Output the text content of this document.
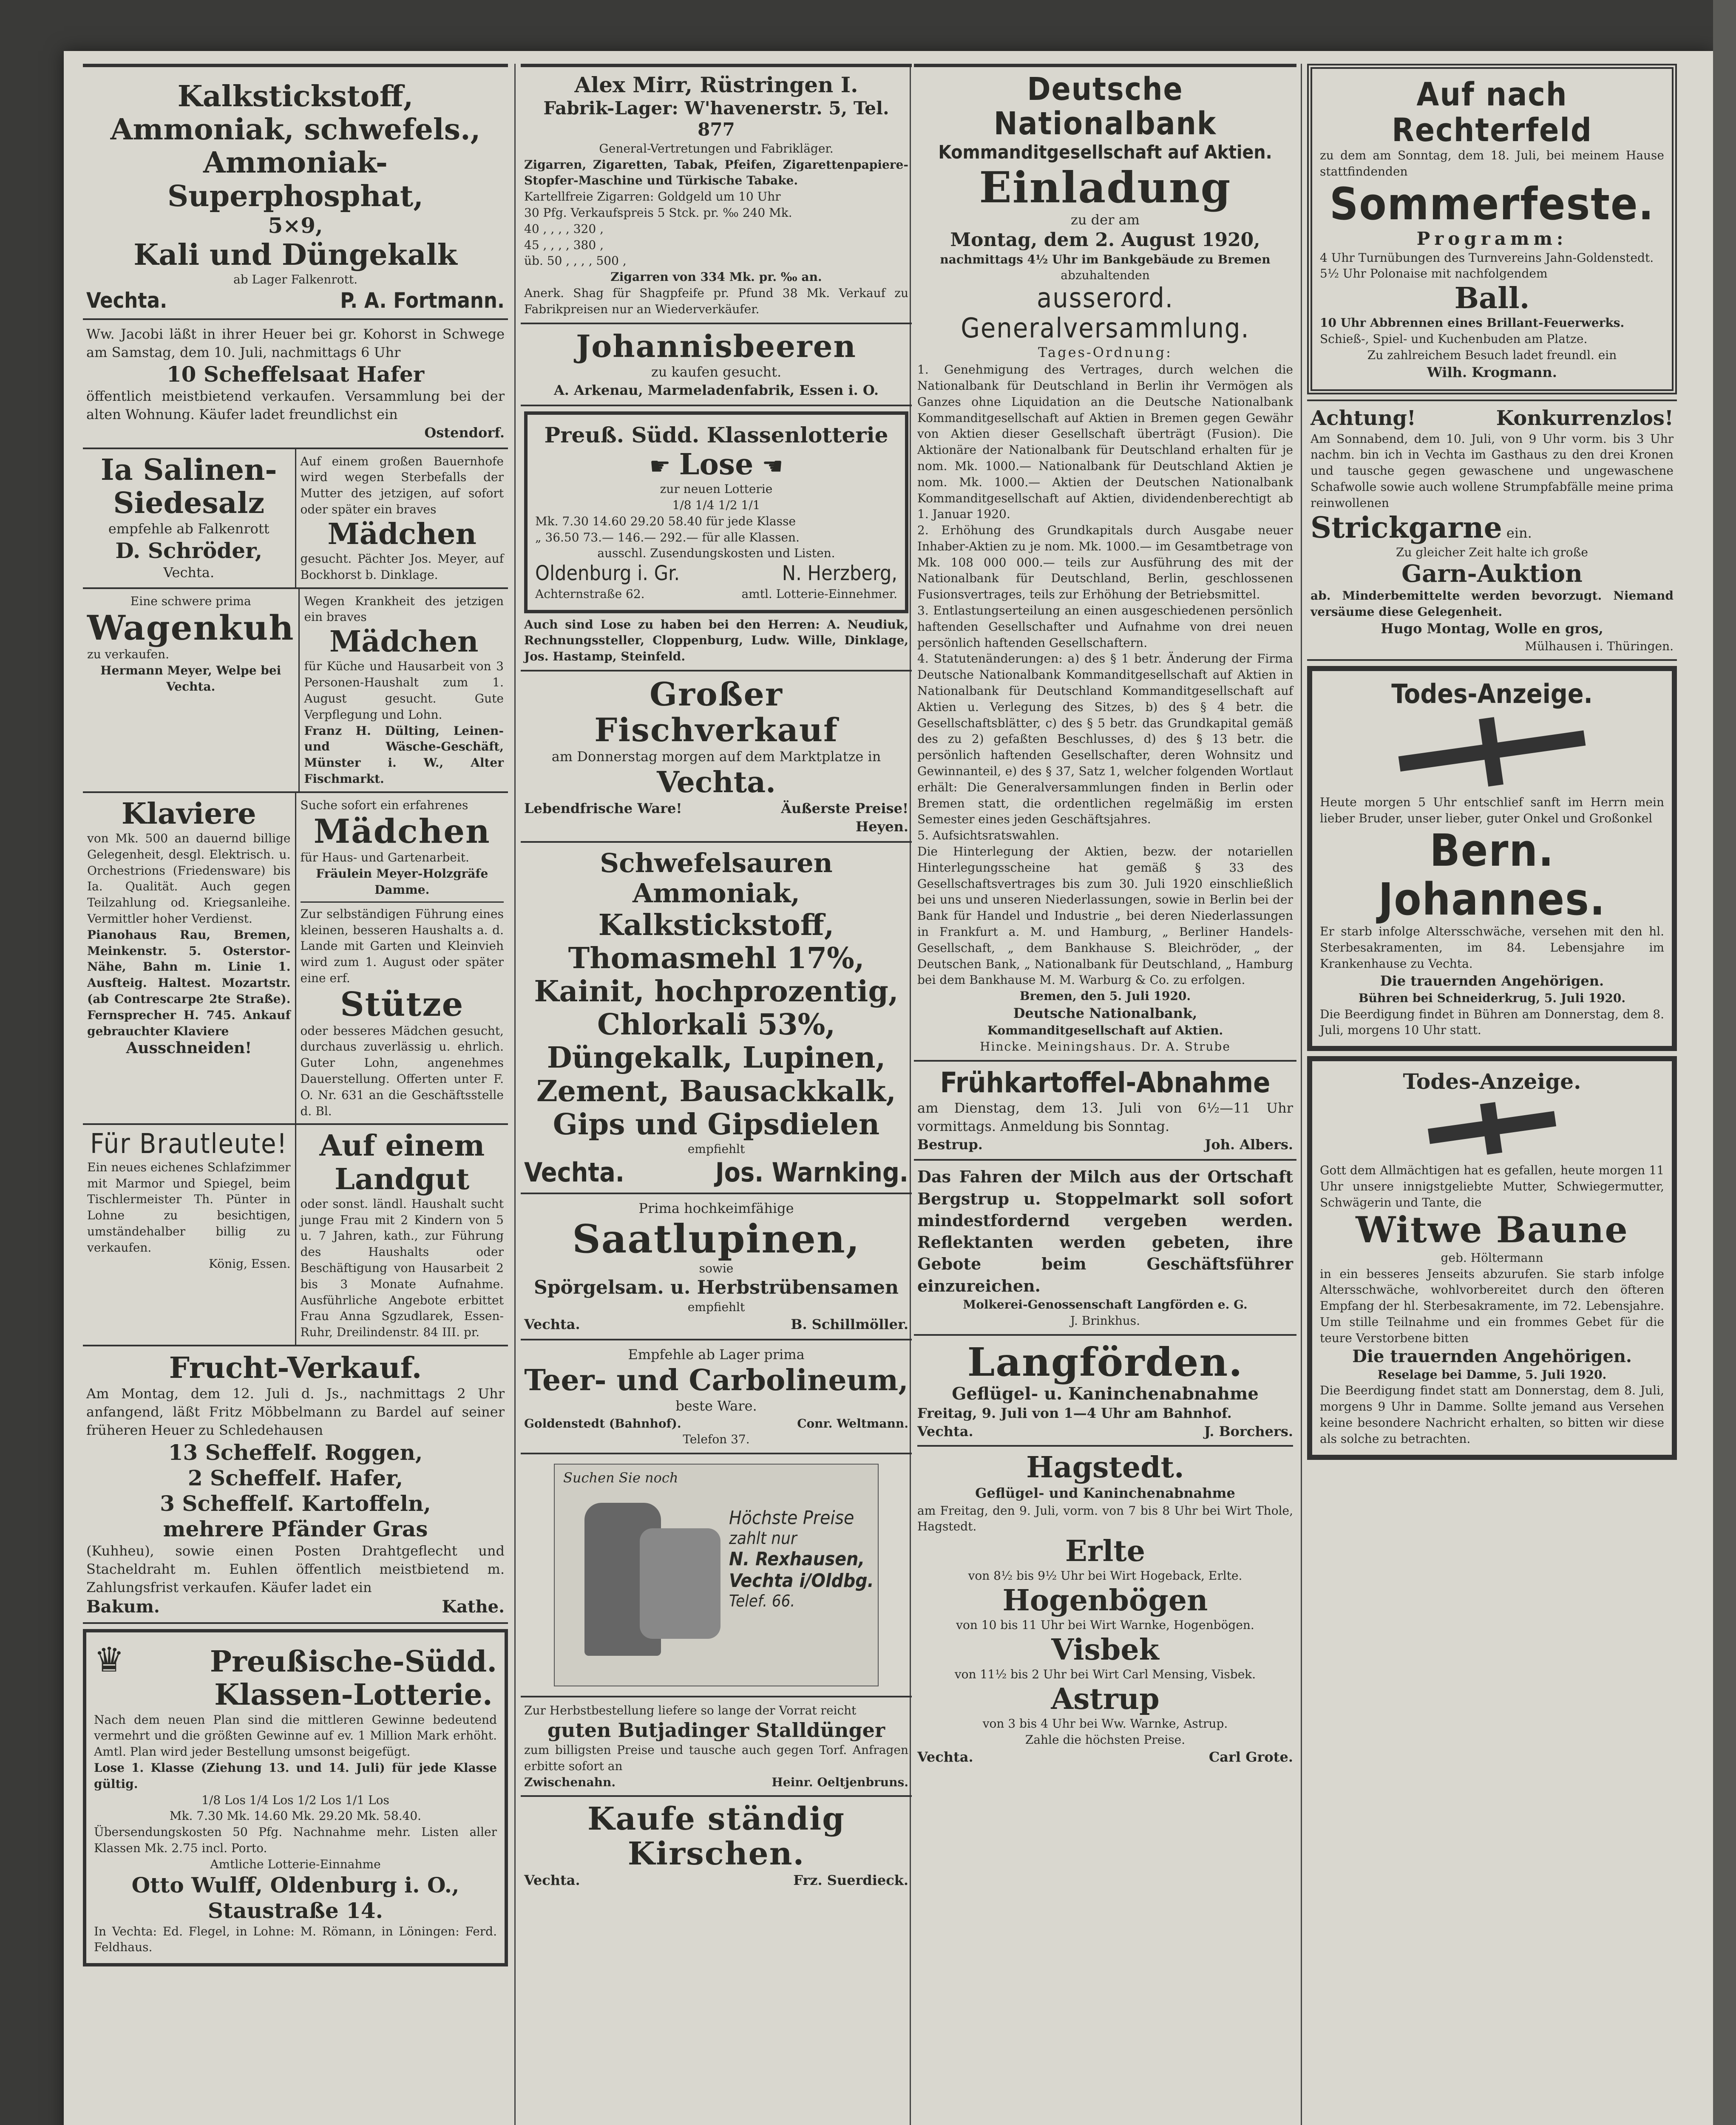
Kalkstickstoff,
Ammoniak, schwefels.,
Ammoniak-Superphosphat,
5×9,
Kali und Düngekalk
ab Lager Falkenrott.
Vechta.	P. A. Fortmann.
Ww. Jacobi läßt in ihrer Heuer bei gr. Kohorst in Schwege am Samstag, dem 10. Juli, nachmittags 6 Uhr
10 Scheffelsaat Hafer
öffentlich meistbietend verkaufen. Versammlung bei der alten Wohnung. Käufer ladet freundlichst ein
Ostendorf.
Ia Salinen-
Siedesalz
empfehle ab Falkenrott
D. Schröder,
Vechta.
Auf einem großen Bauernhofe wird wegen Sterbefalls der Mutter des jetzigen, auf sofort oder später ein braves
Mädchen
gesucht. Pächter Jos. Meyer, auf Bockhorst b. Dinklage.
Eine schwere prima
Wagenkuh
zu verkaufen.
Hermann Meyer, Welpe bei Vechta.
Wegen Krankheit des jetzigen ein braves
Mädchen
für Küche und Hausarbeit von 3 Personen-Haushalt zum 1. August gesucht. Gute Verpflegung und Lohn.
Franz H. Dülting, Leinen- und Wäsche-Geschäft, Münster i. W., Alter Fischmarkt.
Klaviere
von Mk. 500 an dauernd billige Gelegenheit, desgl. Elektrisch. u. Orchestrions (Friedensware) bis Ia. Qualität. Auch gegen Teilzahlung od. Kriegsanleihe. Vermittler hoher Verdienst.
Pianohaus Rau, Bremen, Meinkenstr. 5. Osterstor-Nähe, Bahn m. Linie 1. Ausfteig. Haltest. Mozartstr. (ab Contrescarpe 2te Straße). Fernsprecher H. 745. Ankauf gebrauchter Klaviere
Ausschneiden!
Suche sofort ein erfahrenes
Mädchen
für Haus- und Gartenarbeit.
Fräulein Meyer-Holzgräfe Damme.
Zur selbständigen Führung eines kleinen, besseren Haushalts a. d. Lande mit Garten und Kleinvieh wird zum 1. August oder später eine erf.
Stütze
oder besseres Mädchen gesucht, durchaus zuverlässig u. ehrlich. Guter Lohn, angenehmes Dauerstellung. Offerten unter F. O. Nr. 631 an die Geschäftsstelle d. Bl.
Für Brautleute!
Ein neues eichenes Schlafzimmer mit Marmor und Spiegel, beim Tischlermeister Th. Pünter in Lohne zu besichtigen, umständehalber billig zu verkaufen.
König, Essen.
Auf einem
Landgut
oder sonst. ländl. Haushalt sucht junge Frau mit 2 Kindern von 5 u. 7 Jahren, kath., zur Führung des Haushalts oder Beschäftigung von Hausarbeit 2 bis 3 Monate Aufnahme. Ausführliche Angebote erbittet Frau Anna Sgzudlarek, Essen-Ruhr, Dreilindenstr. 84 III. pr.
Frucht-Verkauf.
Am Montag, dem 12. Juli d. Js., nachmittags 2 Uhr anfangend, läßt Fritz Möbbelmann zu Bardel auf seiner früheren Heuer zu Schledehausen
13 Scheffelf. Roggen,
2 Scheffelf. Hafer,
3 Scheffelf. Kartoffeln,
mehrere Pfänder Gras
(Kuhheu), sowie einen Posten Drahtgeflecht und Stacheldraht m. Euhlen öffentlich meistbietend m. Zahlungsfrist verkaufen. Käufer ladet ein
Bakum.	Kathe.
♛	Preußische-Südd.
Klassen-Lotterie.
Nach dem neuen Plan sind die mittleren Gewinne bedeutend vermehrt und die größten Gewinne auf ev. 1 Million Mark erhöht. Amtl. Plan wird jeder Bestellung umsonst beigefügt.
Lose 1. Klasse (Ziehung 13. und 14. Juli) für jede Klasse gültig.
1/8 Los 1/4 Los 1/2 Los 1/1 Los
Mk. 7.30 Mk. 14.60 Mk. 29.20 Mk. 58.40.
Übersendungskosten 50 Pfg. Nachnahme mehr. Listen aller Klassen Mk. 2.75 incl. Porto.
Amtliche Lotterie-Einnahme
Otto Wulff, Oldenburg i. O., Staustraße 14.
In Vechta: Ed. Flegel, in Lohne: M. Römann, in Löningen: Ferd. Feldhaus.
Alex Mirr, Rüstringen I.
Fabrik-Lager: W'havenerstr. 5, Tel. 877
General-Vertretungen und Fabrikläger.
Zigarren, Zigaretten, Tabak, Pfeifen, Zigarettenpapiere-Stopfer-Maschine und Türkische Tabake.
Kartellfreie Zigarren: Goldgeld um 10 Uhr
30 Pfg. Verkaufspreis 5 Stck. pr. ‰ 240 Mk.
40 , , , , 320 ,
45 , , , , 380 ,
üb. 50 , , , , 500 ,
Zigarren von 334 Mk. pr. ‰ an.
Anerk. Shag für Shagpfeife pr. Pfund 38 Mk. Verkauf zu Fabrikpreisen nur an Wiederverkäufer.
Johannisbeeren
zu kaufen gesucht.
A. Arkenau, Marmeladenfabrik, Essen i. O.
Preuß. Südd. Klassenlotterie
☛ Lose ☚
zur neuen Lotterie
1/8 1/4 1/2 1/1
Mk. 7.30 14.60 29.20 58.40 für jede Klasse
„ 36.50 73.— 146.— 292.— für alle Klassen.
ausschl. Zusendungskosten und Listen.
Oldenburg i. Gr.	N. Herzberg,
Achternstraße 62.	amtl. Lotterie-Einnehmer.
Auch sind Lose zu haben bei den Herren: A. Neudiuk, Rechnungssteller, Cloppenburg, Ludw. Wille, Dinklage, Jos. Hastamp, Steinfeld.
Großer Fischverkauf
am Donnerstag morgen auf dem Marktplatze in
Vechta.
Lebendfrische Ware!	Äußerste Preise!
Heyen.
Schwefelsauren Ammoniak,
Kalkstickstoff,
Thomasmehl 17%,
Kainit, hochprozentig,
Chlorkali 53%,
Düngekalk, Lupinen,
Zement, Bausackkalk,
Gips und Gipsdielen
empfiehlt
Vechta.	Jos. Warnking.
Prima hochkeimfähige
Saatlupinen,
sowie
Spörgelsam. u. Herbstrübensamen
empfiehlt
Vechta.	B. Schillmöller.
Empfehle ab Lager prima
Teer- und Carbolineum,
beste Ware.
Goldenstedt (Bahnhof).	Conr. Weltmann.
Telefon 37.
Suchen Sie noch
Höchste Preise
zahlt nur
N. Rexhausen,
Vechta i/Oldbg.
Telef. 66.
Zur Herbstbestellung liefere so lange der Vorrat reicht
guten Butjadinger Stalldünger
zum billigsten Preise und tausche auch gegen Torf. Anfragen erbitte sofort an
Zwischenahn.	Heinr. Oeltjenbruns.
Kaufe ständig Kirschen.
Vechta.	Frz. Suerdieck.
Deutsche Nationalbank
Kommanditgesellschaft auf Aktien.
Einladung
zu der am
Montag, dem 2. August 1920,
nachmittags 4½ Uhr im Bankgebäude zu Bremen
abzuhaltenden
ausserord. Generalversammlung.
Tages-Ordnung:
1. Genehmigung des Vertrages, durch welchen die Nationalbank für Deutschland in Berlin ihr Vermögen als Ganzes ohne Liquidation an die Deutsche Nationalbank Kommanditgesellschaft auf Aktien in Bremen gegen Gewähr von Aktien dieser Gesellschaft überträgt (Fusion). Die Aktionäre der Nationalbank für Deutschland erhalten für je nom. Mk. 1000.— Nationalbank für Deutschland Aktien je nom. Mk. 1000.— Aktien der Deutschen Nationalbank Kommanditgesellschaft auf Aktien, dividendenberechtigt ab 1. Januar 1920.
2. Erhöhung des Grundkapitals durch Ausgabe neuer Inhaber-Aktien zu je nom. Mk. 1000.— im Gesamtbetrage von Mk. 108 000 000.— teils zur Ausführung des mit der Nationalbank für Deutschland, Berlin, geschlossenen Fusionsvertrages, teils zur Erhöhung der Betriebsmittel.
3. Entlastungserteilung an einen ausgeschiedenen persönlich haftenden Gesellschafter und Aufnahme von drei neuen persönlich haftenden Gesellschaftern.
4. Statutenänderungen: a) des § 1 betr. Änderung der Firma Deutsche Nationalbank Kommanditgesellschaft auf Aktien in Nationalbank für Deutschland Kommanditgesellschaft auf Aktien u. Verlegung des Sitzes, b) des § 4 betr. die Gesellschaftsblätter, c) des § 5 betr. das Grundkapital gemäß des zu 2) gefaßten Beschlusses, d) des § 13 betr. die persönlich haftenden Gesellschafter, deren Wohnsitz und Gewinnanteil, e) des § 37, Satz 1, welcher folgenden Wortlaut erhält: Die Generalversammlungen finden in Berlin oder Bremen statt, die ordentlichen regelmäßig im ersten Semester eines jeden Geschäftsjahres.
5. Aufsichtsratswahlen.
Die Hinterlegung der Aktien, bezw. der notariellen Hinterlegungsscheine hat gemäß § 33 des Gesellschaftsvertrages bis zum 30. Juli 1920 einschließlich bei uns und unseren Niederlassungen, sowie in Berlin bei der Bank für Handel und Industrie „ bei deren Niederlassungen in Frankfurt a. M. und Hamburg, „ Berliner Handels-Gesellschaft, „ dem Bankhause S. Bleichröder, „ der Deutschen Bank, „ Nationalbank für Deutschland, „ Hamburg bei dem Bankhause M. M. Warburg & Co. zu erfolgen.
Bremen, den 5. Juli 1920.
Deutsche Nationalbank,
Kommanditgesellschaft auf Aktien.
Hincke. Meiningshaus. Dr. A. Strube
Frühkartoffel-Abnahme
am Dienstag, dem 13. Juli von 6½—11 Uhr vormittags. Anmeldung bis Sonntag.
Bestrup.	Joh. Albers.
Das Fahren der Milch aus der Ortschaft Bergstrup u. Stoppelmarkt soll sofort mindestfordernd vergeben werden. Reflektanten werden gebeten, ihre Gebote beim Geschäftsführer einzureichen.
Molkerei-Genossenschaft Langförden e. G.
J. Brinkhus.
Langförden.
Geflügel- u. Kaninchenabnahme
Freitag, 9. Juli von 1—4 Uhr am Bahnhof.
Vechta.	J. Borchers.
Hagstedt.
Geflügel- und Kaninchenabnahme
am Freitag, den 9. Juli, vorm. von 7 bis 8 Uhr bei Wirt Thole, Hagstedt.
Erlte
von 8½ bis 9½ Uhr bei Wirt Hogeback, Erlte.
Hogenbögen
von 10 bis 11 Uhr bei Wirt Warnke, Hogenbögen.
Visbek
von 11½ bis 2 Uhr bei Wirt Carl Mensing, Visbek.
Astrup
von 3 bis 4 Uhr bei Ww. Warnke, Astrup.
Zahle die höchsten Preise.
Vechta.	Carl Grote.
Auf nach Rechterfeld
zu dem am Sonntag, dem 18. Juli, bei meinem Hause stattfindenden
Sommerfeste.
Programm:
4 Uhr Turnübungen des Turnvereins Jahn-Goldenstedt.
5½ Uhr Polonaise mit nachfolgendem
Ball.
10 Uhr Abbrennen eines Brillant-Feuerwerks.
Schieß-, Spiel- und Kuchenbuden am Platze.
Zu zahlreichem Besuch ladet freundl. ein
Wilh. Krogmann.
Achtung!	Konkurrenzlos!
Am Sonnabend, dem 10. Juli, von 9 Uhr vorm. bis 3 Uhr nachm. bin ich in Vechta im Gasthaus zu den drei Kronen und tausche gegen gewaschene und ungewaschene Schafwolle sowie auch wollene Strumpfabfälle meine prima reinwollenen
Strickgarne ein.
Zu gleicher Zeit halte ich große
Garn-Auktion
ab. Minderbemittelte werden bevorzugt. Niemand versäume diese Gelegenheit.
Hugo Montag, Wolle en gros,
Mülhausen i. Thüringen.
Todes-Anzeige.
Heute morgen 5 Uhr entschlief sanft im Herrn mein lieber Bruder, unser lieber, guter Onkel und Großonkel
Bern. Johannes.
Er starb infolge Altersschwäche, versehen mit den hl. Sterbesakramenten, im 84. Lebensjahre im Krankenhause zu Vechta.
Die trauernden Angehörigen.
Bühren bei Schneiderkrug, 5. Juli 1920.
Die Beerdigung findet in Bühren am Donnerstag, dem 8. Juli, morgens 10 Uhr statt.
Todes-Anzeige.
Gott dem Allmächtigen hat es gefallen, heute morgen 11 Uhr unsere innigstgeliebte Mutter, Schwiegermutter, Schwägerin und Tante, die
Witwe Baune
geb. Höltermann
in ein besseres Jenseits abzurufen. Sie starb infolge Altersschwäche, wohlvorbereitet durch den öfteren Empfang der hl. Sterbesakramente, im 72. Lebensjahre. Um stille Teilnahme und ein frommes Gebet für die teure Verstorbene bitten
Die trauernden Angehörigen.
Reselage bei Damme, 5. Juli 1920.
Die Beerdigung findet statt am Donnerstag, dem 8. Juli, morgens 9 Uhr in Damme. Sollte jemand aus Versehen keine besondere Nachricht erhalten, so bitten wir diese als solche zu betrachten.
